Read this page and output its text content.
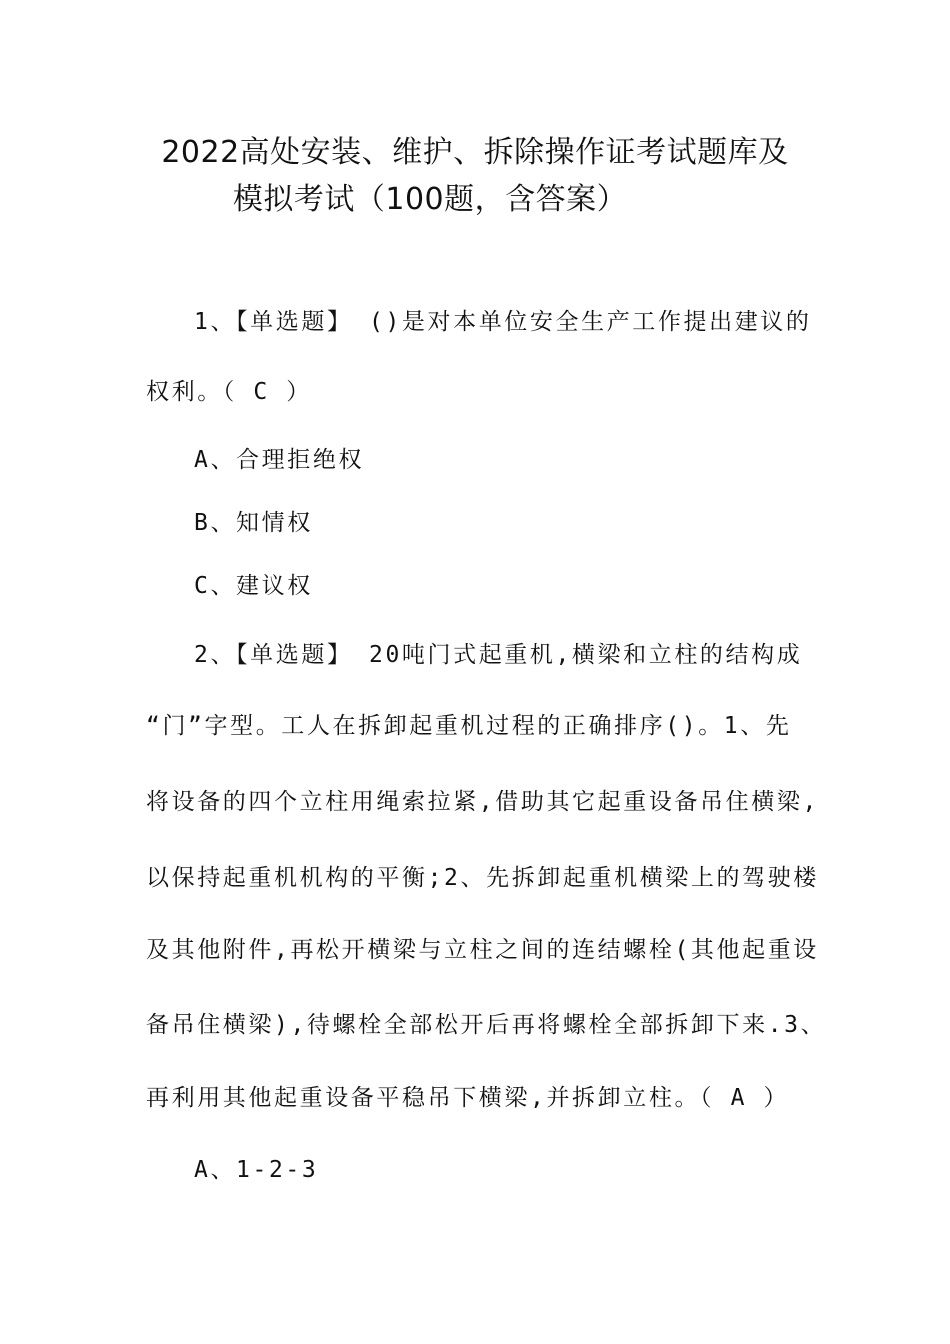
2022高处安装、维护、拆除操作证考试题库及
模拟考试（100题，含答案）
1、【单选题】 ()是对本单位安全生产工作提出建议的
权利。（ C ）
A、合理拒绝权
B、知情权
C、建议权
2、【单选题】 20吨门式起重机,横梁和立柱的结构成
“门”字型。工人在拆卸起重机过程的正确排序()。1、先
将设备的四个立柱用绳索拉紧,借助其它起重设备吊住横梁,
以保持起重机机构的平衡;2、先拆卸起重机横梁上的驾驶楼
及其他附件,再松开横梁与立柱之间的连结螺栓(其他起重设
备吊住横梁),待螺栓全部松开后再将螺栓全部拆卸下来.3、
再利用其他起重设备平稳吊下横梁,并拆卸立柱。（ A ）
A、1-2-3
